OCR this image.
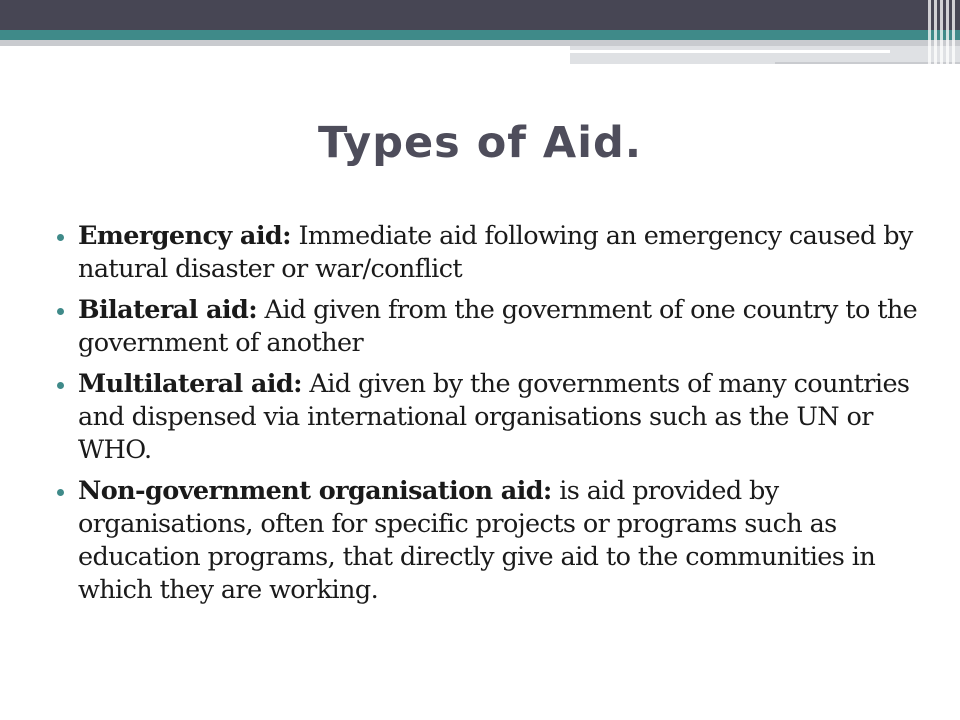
Types of Aid.
Emergency aid: Immediate aid following an emergency caused by natural disaster or war/conflict
Bilateral aid: Aid given from the government of one country to the government of another
Multilateral aid: Aid given by the governments of many countries and dispensed via international organisations such as the UN or WHO.
Non-government organisation aid: is aid provided by organisations, often for specific projects or programs such as education programs, that directly give aid to the communities in which they are working.
